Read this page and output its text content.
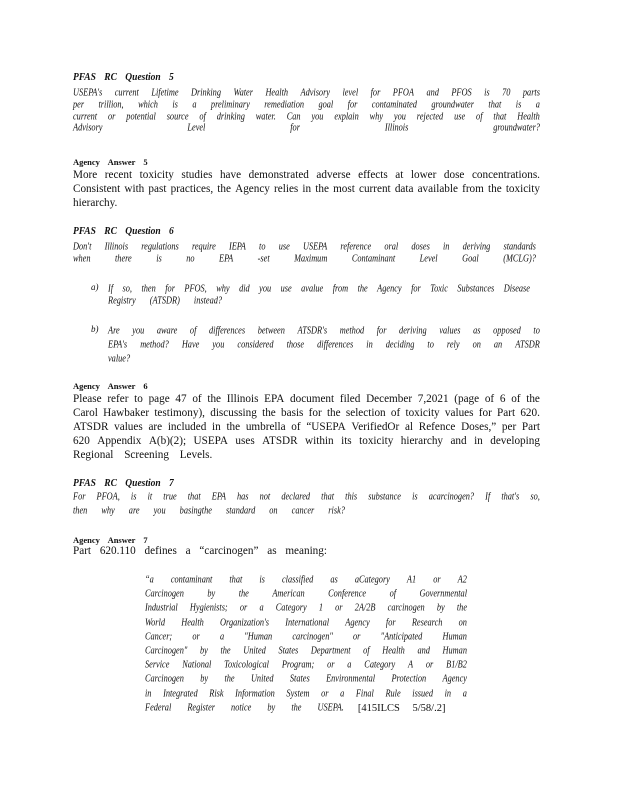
PFAS RC Question 5
USEPA's current Lifetime Drinking Water Health Advisory level for PFOA and PFOS is 70 parts
per trillion, which is a preliminary remediation goal for contaminated groundwater that is a
current or potential source of drinking water. Can you explain why you rejected use of that Health
Advisory	Level	for	Illinois	groundwater?
Agency Answer 5
More recent toxicity studies have demonstrated adverse effects at lower dose concentrations.
Consistent with past practices, the Agency relies in the most current data available from the toxicity
hierarchy.
PFAS RC Question 6
Don't Illinois regulations require IEPA to use USEPA reference oral doses in deriving standards
when	there	is	no	EPA	-set	Maximum	Contaminant	Level	Goal	(MCLG)?
a) If so, then for PFOS, why did you use avalue from the Agency for Toxic Substances Disease
Registry (ATSDR) instead?
b) Are you aware of differences between ATSDR's method for deriving values as opposed to
EPA's method? Have you considered those differences in deciding to rely on an ATSDR
value?
Agency Answer 6
Please refer to page 47 of the Illinois EPA document filed December 7,2021 (page of 6 of the
Carol Hawbaker testimony), discussing the basis for the selection of toxicity values for Part 620.
ATSDR values are included in the umbrella of “USEPA VerifiedOr al Refence Doses,” per Part
620 Appendix A(b)(2); USEPA uses ATSDR within its toxicity hierarchy and in developing
Regional Screening Levels.
PFAS RC Question 7
For PFOA, is it true that EPA has not declared that this substance is acarcinogen? If that's so,
then why are you basingthe standard on cancer risk?
Agency Answer 7
Part 620.110 defines a “carcinogen” as meaning:
“a contaminant that is classified as aCategory A1 or A2
Carcinogen	by	the	American	Conference	of	Governmental
Industrial Hygienists; or a Category 1 or 2A/2B carcinogen by the
World Health Organization's International Agency for Research on
Cancer; or a "Human carcinogen" or "Anticipated Human
Carcinogen" by the United States Department of Health and Human
Service National Toxicological Program; or a Category A or B1/B2
Carcinogen by the United States Environmental Protection Agency
in Integrated Risk Information System or a Final Rule issued in a
Federal Register notice by the USEPA. [415ILCS 5/58/.2]
